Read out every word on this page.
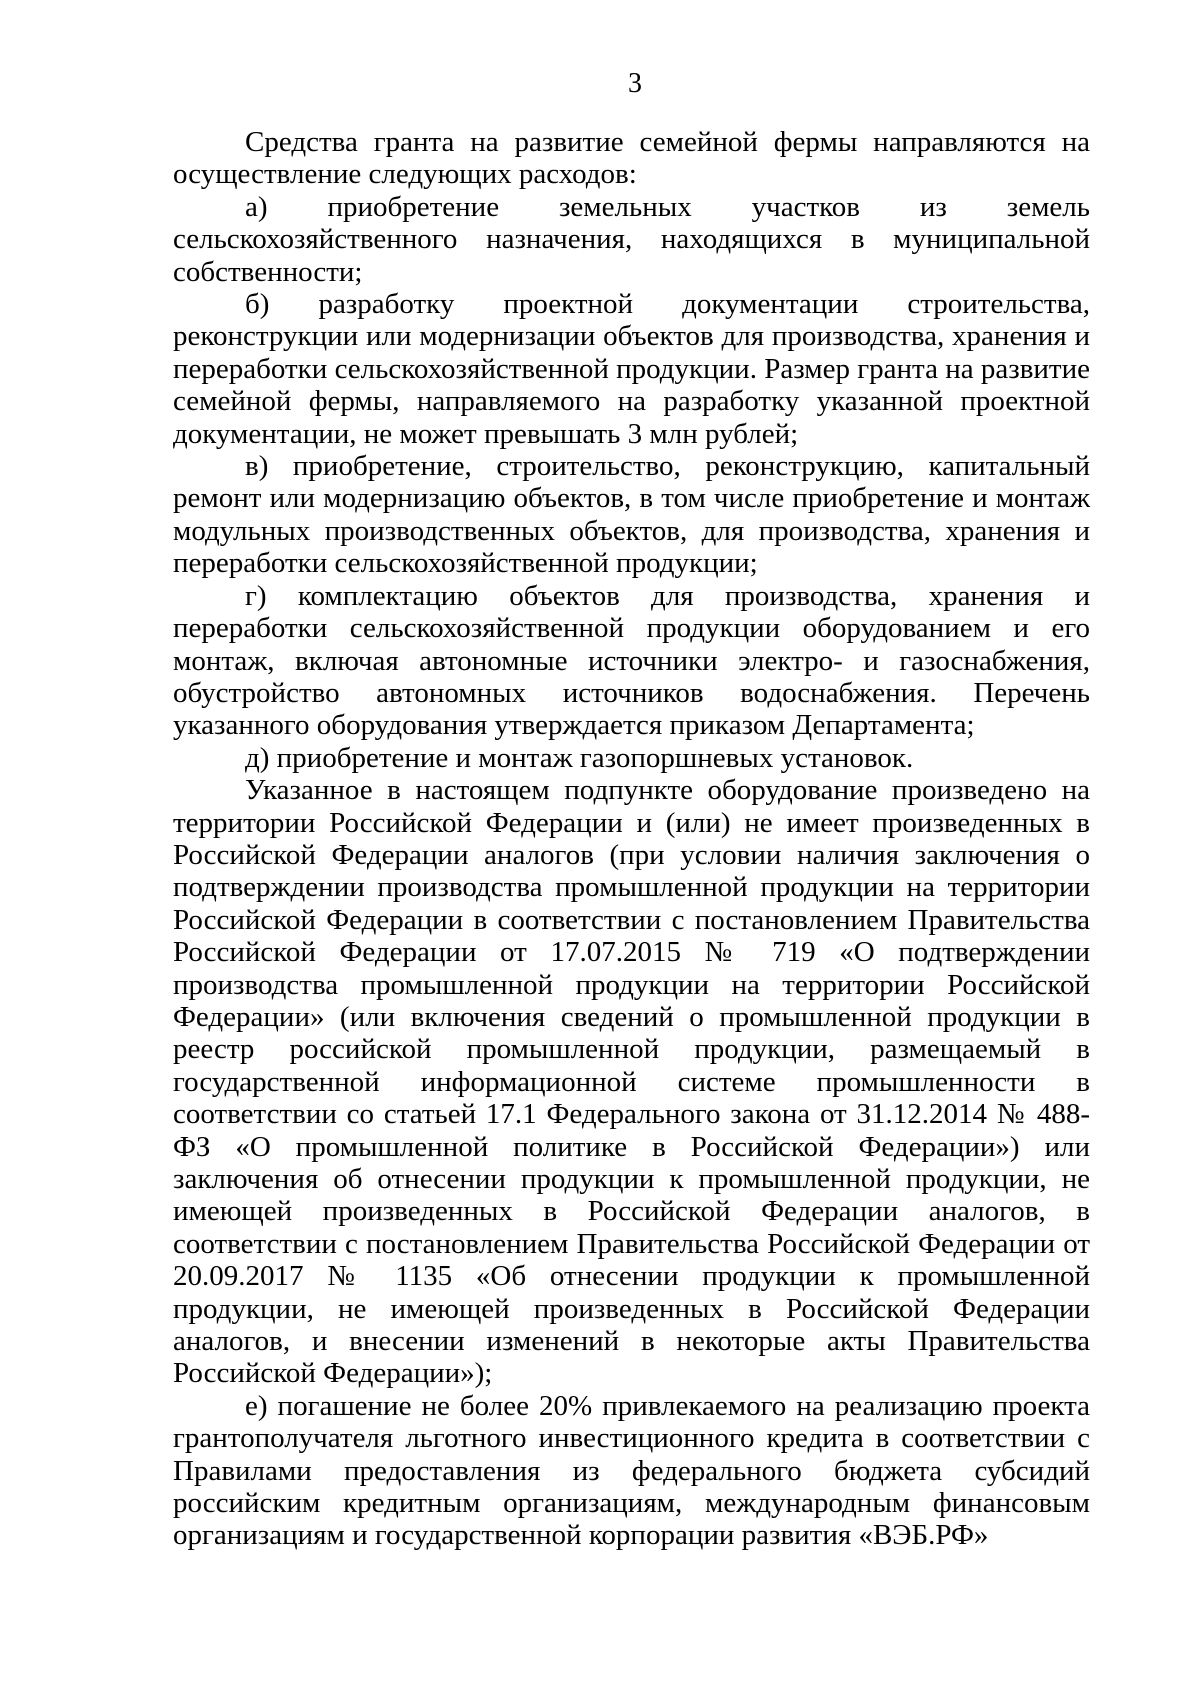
3

Средства гранта на развитие семейной фермы направляются на осуществление следующих расходов:

а) приобретение земельных участков из земель сельскохозяйственного назначения, находящихся в муниципальной собственности;

б) разработку проектной документации строительства, реконструкции или модернизации объектов для производства, хранения и переработки сельскохозяйственной продукции. Размер гранта на развитие семейной фермы, направляемого на разработку указанной проектной документации, не может превышать 3 млн рублей;

в) приобретение, строительство, реконструкцию, капитальный ремонт или модернизацию объектов, в том числе приобретение и монтаж модульных производственных объектов, для производства, хранения и переработки сельскохозяйственной продукции;

г) комплектацию объектов для производства, хранения и переработки сельскохозяйственной продукции оборудованием и его монтаж, включая автономные источники электро- и газоснабжения, обустройство автономных источников водоснабжения. Перечень указанного оборудования утверждается приказом Департамента;

д) приобретение и монтаж газопоршневых установок.

Указанное в настоящем подпункте оборудование произведено на территории Российской Федерации и (или) не имеет произведенных в Российской Федерации аналогов (при условии наличия заключения о подтверждении производства промышленной продукции на территории Российской Федерации в соответствии с постановлением Правительства Российской Федерации от 17.07.2015 № 719 «О подтверждении производства промышленной продукции на территории Российской Федерации» (или включения сведений о промышленной продукции в реестр российской промышленной продукции, размещаемый в государственной информационной системе промышленности в соответствии со статьей 17.1 Федерального закона от 31.12.2014 № 488-ФЗ «О промышленной политике в Российской Федерации») или заключения об отнесении продукции к промышленной продукции, не имеющей произведенных в Российской Федерации аналогов, в соответствии с постановлением Правительства Российской Федерации от 20.09.2017 № 1135 «Об отнесении продукции к промышленной продукции, не имеющей произведенных в Российской Федерации аналогов, и внесении изменений в некоторые акты Правительства Российской Федерации»);

е) погашение не более 20% привлекаемого на реализацию проекта грантополучателя льготного инвестиционного кредита в соответствии с Правилами предоставления из федерального бюджета субсидий российским кредитным организациям, международным финансовым организациям и государственной корпорации развития «ВЭБ.РФ»
